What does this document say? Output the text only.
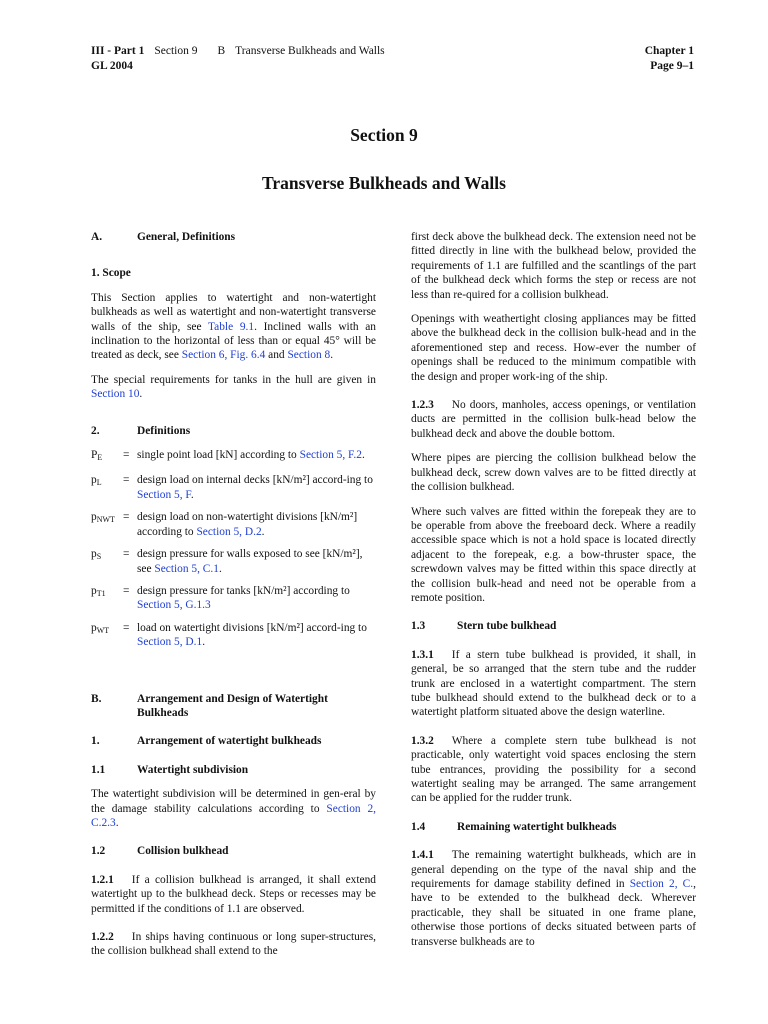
III - Part 1 Section 9 B Transverse Bulkheads and Walls
GL 2004
Chapter 1
Page 9–1
Section 9
Transverse Bulkheads and Walls
A.	General, Definitions
1. Scope

This Section applies to watertight and non-watertight bulkheads as well as watertight and non-watertight transverse walls of the ship, see Table 9.1. Inclined walls with an inclination to the horizontal of less than or equal 45° will be treated as deck, see Section 6, Fig. 6.4 and Section 8.

The special requirements for tanks in the hull are given in Section 10.

2.	Definitions
$P_E$	= single point load [kN] according to Section 5, F.2.
$p_L$	= design load on internal decks [kN/m²] accord-ing to Section 5, F.
$p_{NWT}$ = design load on non-watertight divisions [kN/m²] according to Section 5, D.2.
$p_S$	= design pressure for walls exposed to see [kN/m²], see Section 5, C.1.
$p_{T1}$	= design pressure for tanks [kN/m²] according to Section 5, G.1.3
$p_{WT}$	= load on watertight divisions [kN/m²] accord-ing to Section 5, D.1.
B.	Arrangement and Design of Watertight Bulkheads
1.	Arrangement of watertight bulkheads
1.1	Watertight subdivision

The watertight subdivision will be determined in gen-eral by the damage stability calculations according to Section 2, C.2.3.

1.2	Collision bulkhead

1.2.1 If a collision bulkhead is arranged, it shall extend watertight up to the bulkhead deck. Steps or recesses may be permitted if the conditions of 1.1 are observed.

1.2.2 In ships having continuous or long super-structures, the collision bulkhead shall extend to the

first deck above the bulkhead deck. The extension need not be fitted directly in line with the bulkhead below, provided the requirements of 1.1 are fulfilled and the scantlings of the part of the bulkhead deck which forms the step or recess are not less than re-quired for a collision bulkhead.

Openings with weathertight closing appliances may be fitted above the bulkhead deck in the collision bulk-head and in the aforementioned step and recess. How-ever the number of openings shall be reduced to the minimum compatible with the design and proper work-ing of the ship.

1.2.3 No doors, manholes, access openings, or ventilation ducts are permitted in the collision bulk-head below the bulkhead deck and above the double bottom.

Where pipes are piercing the collision bulkhead below the bulkhead deck, screw down valves are to be fitted directly at the collision bulkhead.

Where such valves are fitted within the forepeak they are to be operable from above the freeboard deck. Where a readily accessible space which is not a hold space is located directly adjacent to the forepeak, e.g. a bow-thruster space, the screwdown valves may be fitted within this space directly at the collision bulk-head and need not be operable from a remote position.

1.3	Stern tube bulkhead

1.3.1 If a stern tube bulkhead is provided, it shall, in general, be so arranged that the stern tube and the rudder trunk are enclosed in a watertight compartment. The stern tube bulkhead should extend to the bulkhead deck or to a watertight platform situated above the design waterline.

1.3.2 Where a complete stern tube bulkhead is not practicable, only watertight void spaces enclosing the stern tube entrances, providing the possibility for a second watertight sealing may be arranged. The same arrangement can be applied for the rudder trunk.

1.4	Remaining watertight bulkheads

1.4.1 The remaining watertight bulkheads, which are in general depending on the type of the naval ship and the requirements for damage stability defined in Section 2, C., have to be extended to the bulkhead deck. Wherever practicable, they shall be situated in one frame plane, otherwise those portions of decks situated between parts of transverse bulkheads are to
